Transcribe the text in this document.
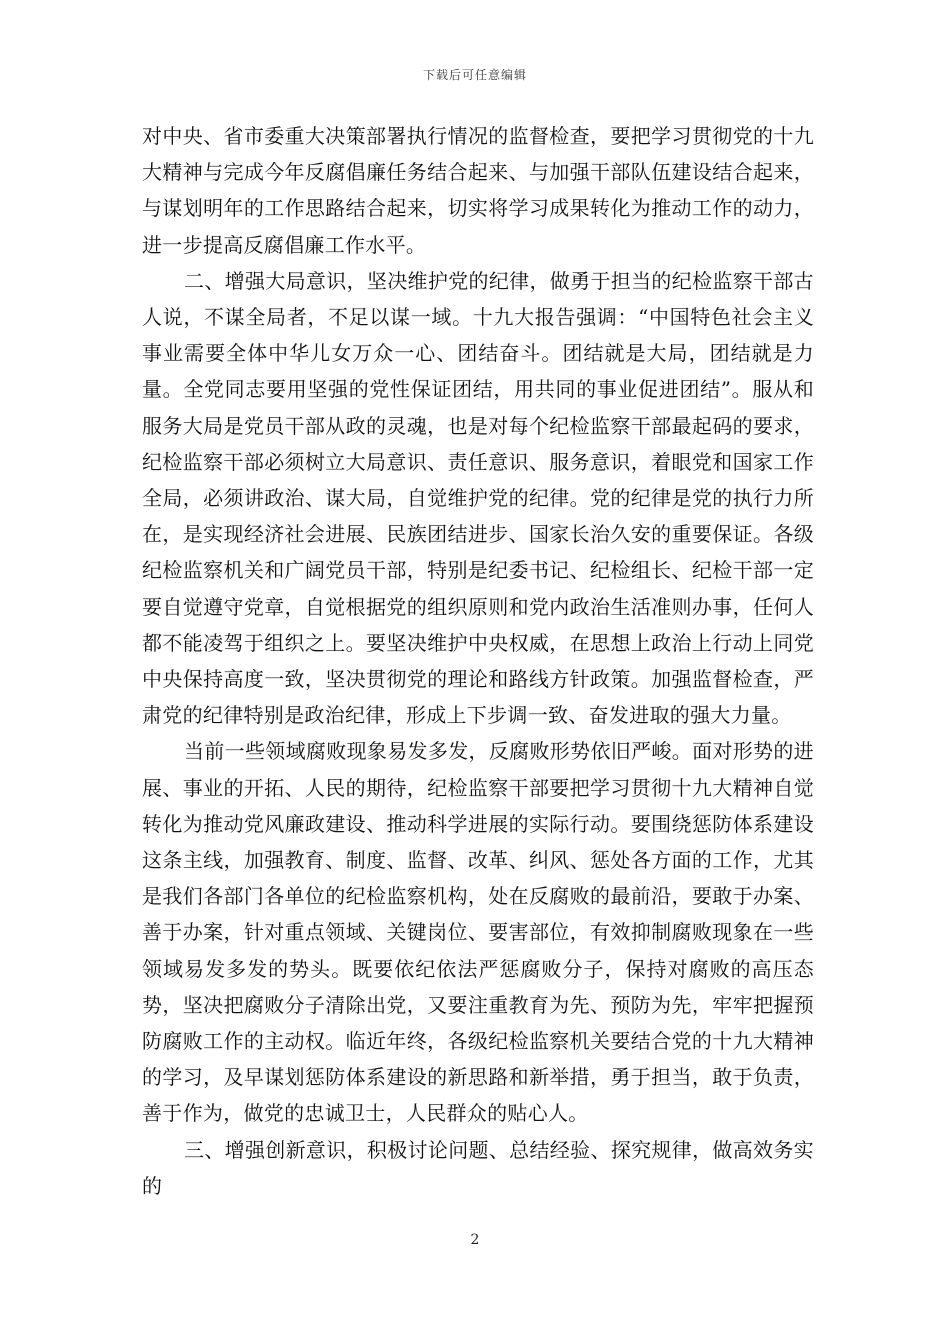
下载后可任意编辑

对中央、省市委重大决策部署执行情况的监督检查，要把学习贯彻党的十九大精神与完成今年反腐倡廉任务结合起来、与加强干部队伍建设结合起来，与谋划明年的工作思路结合起来，切实将学习成果转化为推动工作的动力，进一步提高反腐倡廉工作水平。

二、增强大局意识，坚决维护党的纪律，做勇于担当的纪检监察干部古人说，不谋全局者，不足以谋一域。十九大报告强调：“中国特色社会主义事业需要全体中华儿女万众一心、团结奋斗。团结就是大局，团结就是力量。全党同志要用坚强的党性保证团结，用共同的事业促进团结”。服从和服务大局是党员干部从政的灵魂，也是对每个纪检监察干部最起码的要求，纪检监察干部必须树立大局意识、责任意识、服务意识，着眼党和国家工作全局，必须讲政治、谋大局，自觉维护党的纪律。党的纪律是党的执行力所在，是实现经济社会进展、民族团结进步、国家长治久安的重要保证。各级纪检监察机关和广阔党员干部，特别是纪委书记、纪检组长、纪检干部一定要自觉遵守党章，自觉根据党的组织原则和党内政治生活准则办事，任何人都不能凌驾于组织之上。要坚决维护中央权威，在思想上政治上行动上同党中央保持高度一致，坚决贯彻党的理论和路线方针政策。加强监督检查，严肃党的纪律特别是政治纪律，形成上下步调一致、奋发进取的强大力量。

当前一些领域腐败现象易发多发，反腐败形势依旧严峻。面对形势的进展、事业的开拓、人民的期待，纪检监察干部要把学习贯彻十九大精神自觉转化为推动党风廉政建设、推动科学进展的实际行动。要围绕惩防体系建设这条主线，加强教育、制度、监督、改革、纠风、惩处各方面的工作，尤其是我们各部门各单位的纪检监察机构，处在反腐败的最前沿，要敢于办案、善于办案，针对重点领域、关键岗位、要害部位，有效抑制腐败现象在一些领域易发多发的势头。既要依纪依法严惩腐败分子，保持对腐败的高压态势，坚决把腐败分子清除出党，又要注重教育为先、预防为先，牢牢把握预防腐败工作的主动权。临近年终，各级纪检监察机关要结合党的十九大精神的学习，及早谋划惩防体系建设的新思路和新举措，勇于担当，敢于负责，善于作为，做党的忠诚卫士，人民群众的贴心人。

三、增强创新意识，积极讨论问题、总结经验、探究规律，做高效务实的

2
